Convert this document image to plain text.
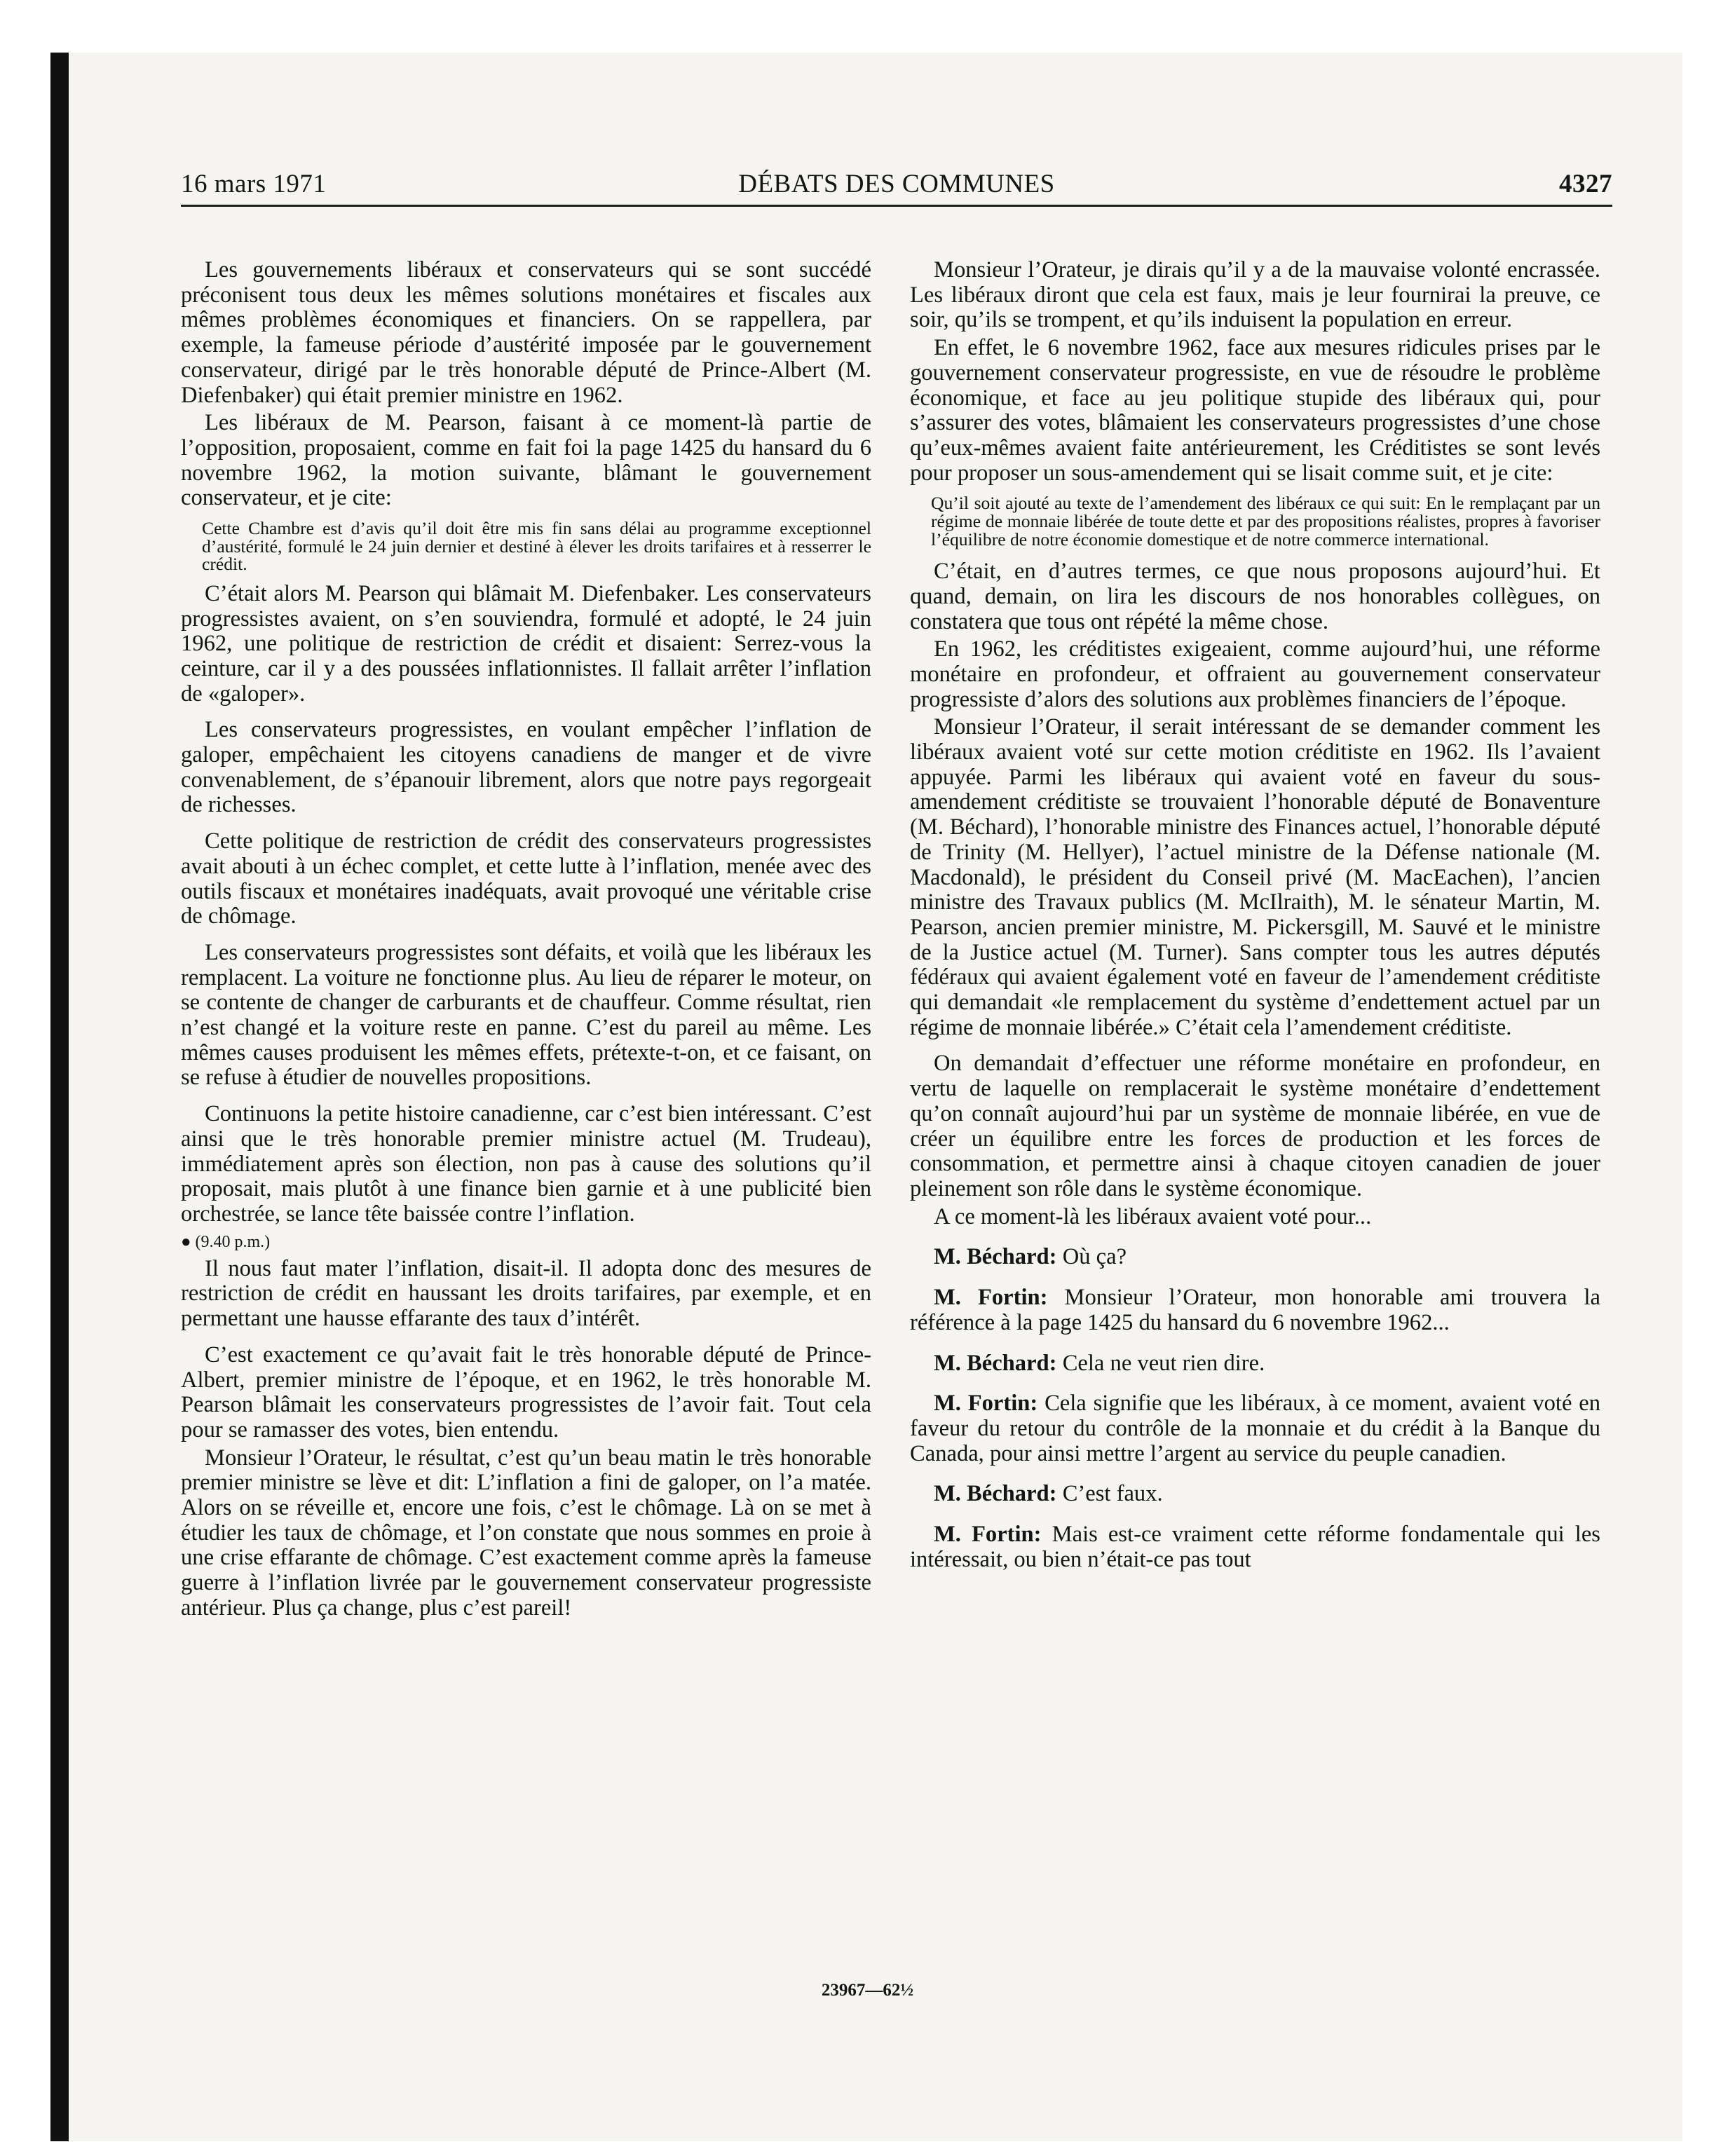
16 mars 1971	DÉBATS DES COMMUNES	4327

Les gouvernements libéraux et conservateurs qui se sont succédé préconisent tous deux les mêmes solutions monétaires et fiscales aux mêmes problèmes économiques et financiers. On se rappellera, par exemple, la fameuse période d’austérité imposée par le gouvernement conservateur, dirigé par le très honorable député de Prince-Albert (M. Diefenbaker) qui était premier ministre en 1962.

Les libéraux de M. Pearson, faisant à ce moment-là partie de l’opposition, proposaient, comme en fait foi la page 1425 du hansard du 6 novembre 1962, la motion suivante, blâmant le gouvernement conservateur, et je cite:

Cette Chambre est d’avis qu’il doit être mis fin sans délai au programme exceptionnel d’austérité, formulé le 24 juin dernier et destiné à élever les droits tarifaires et à resserrer le crédit.

C’était alors M. Pearson qui blâmait M. Diefenbaker. Les conservateurs progressistes avaient, on s’en souviendra, formulé et adopté, le 24 juin 1962, une politique de restriction de crédit et disaient: Serrez-vous la ceinture, car il y a des poussées inflationnistes. Il fallait arrêter l’inflation de «galoper».

Les conservateurs progressistes, en voulant empêcher l’inflation de galoper, empêchaient les citoyens canadiens de manger et de vivre convenablement, de s’épanouir librement, alors que notre pays regorgeait de richesses.

Cette politique de restriction de crédit des conservateurs progressistes avait abouti à un échec complet, et cette lutte à l’inflation, menée avec des outils fiscaux et monétaires inadéquats, avait provoqué une véritable crise de chômage.

Les conservateurs progressistes sont défaits, et voilà que les libéraux les remplacent. La voiture ne fonctionne plus. Au lieu de réparer le moteur, on se contente de changer de carburants et de chauffeur. Comme résultat, rien n’est changé et la voiture reste en panne. C’est du pareil au même. Les mêmes causes produisent les mêmes effets, prétexte-t-on, et ce faisant, on se refuse à étudier de nouvelles propositions.

Continuons la petite histoire canadienne, car c’est bien intéressant. C’est ainsi que le très honorable premier ministre actuel (M. Trudeau), immédiatement après son élection, non pas à cause des solutions qu’il proposait, mais plutôt à une finance bien garnie et à une publicité bien orchestrée, se lance tête baissée contre l’inflation.

● (9.40 p.m.)

Il nous faut mater l’inflation, disait-il. Il adopta donc des mesures de restriction de crédit en haussant les droits tarifaires, par exemple, et en permettant une hausse effarante des taux d’intérêt.

C’est exactement ce qu’avait fait le très honorable député de Prince-Albert, premier ministre de l’époque, et en 1962, le très honorable M. Pearson blâmait les conservateurs progressistes de l’avoir fait. Tout cela pour se ramasser des votes, bien entendu.

Monsieur l’Orateur, le résultat, c’est qu’un beau matin le très honorable premier ministre se lève et dit: L’inflation a fini de galoper, on l’a matée. Alors on se réveille et, encore une fois, c’est le chômage. Là on se met à étudier les taux de chômage, et l’on constate que nous sommes en proie à une crise effarante de chômage. C’est exactement comme après la fameuse guerre à l’inflation livrée par le gouvernement conservateur progressiste antérieur. Plus ça change, plus c’est pareil!

Monsieur l’Orateur, je dirais qu’il y a de la mauvaise volonté encrassée. Les libéraux diront que cela est faux, mais je leur fournirai la preuve, ce soir, qu’ils se trompent, et qu’ils induisent la population en erreur.

En effet, le 6 novembre 1962, face aux mesures ridicules prises par le gouvernement conservateur progressiste, en vue de résoudre le problème économique, et face au jeu politique stupide des libéraux qui, pour s’assurer des votes, blâmaient les conservateurs progressistes d’une chose qu’eux-mêmes avaient faite antérieurement, les Créditistes se sont levés pour proposer un sous-amendement qui se lisait comme suit, et je cite:

Qu’il soit ajouté au texte de l’amendement des libéraux ce qui suit: En le remplaçant par un régime de monnaie libérée de toute dette et par des propositions réalistes, propres à favoriser l’équilibre de notre économie domestique et de notre commerce international.

C’était, en d’autres termes, ce que nous proposons aujourd’hui. Et quand, demain, on lira les discours de nos honorables collègues, on constatera que tous ont répété la même chose.

En 1962, les créditistes exigeaient, comme aujourd’hui, une réforme monétaire en profondeur, et offraient au gouvernement conservateur progressiste d’alors des solutions aux problèmes financiers de l’époque.

Monsieur l’Orateur, il serait intéressant de se demander comment les libéraux avaient voté sur cette motion créditiste en 1962. Ils l’avaient appuyée. Parmi les libéraux qui avaient voté en faveur du sous-amendement créditiste se trouvaient l’honorable député de Bonaventure (M. Béchard), l’honorable ministre des Finances actuel, l’honorable député de Trinity (M. Hellyer), l’actuel ministre de la Défense nationale (M. Macdonald), le président du Conseil privé (M. MacEachen), l’ancien ministre des Travaux publics (M. McIlraith), M. le sénateur Martin, M. Pearson, ancien premier ministre, M. Pickersgill, M. Sauvé et le ministre de la Justice actuel (M. Turner). Sans compter tous les autres députés fédéraux qui avaient également voté en faveur de l’amendement créditiste qui demandait «le remplacement du système d’endettement actuel par un régime de monnaie libérée.» C’était cela l’amendement créditiste.

On demandait d’effectuer une réforme monétaire en profondeur, en vertu de laquelle on remplacerait le système monétaire d’endettement qu’on connaît aujourd’hui par un système de monnaie libérée, en vue de créer un équilibre entre les forces de production et les forces de consommation, et permettre ainsi à chaque citoyen canadien de jouer pleinement son rôle dans le système économique.

A ce moment-là les libéraux avaient voté pour...

M. Béchard: Où ça?

M. Fortin: Monsieur l’Orateur, mon honorable ami trouvera la référence à la page 1425 du hansard du 6 novembre 1962...

M. Béchard: Cela ne veut rien dire.

M. Fortin: Cela signifie que les libéraux, à ce moment, avaient voté en faveur du retour du contrôle de la monnaie et du crédit à la Banque du Canada, pour ainsi mettre l’argent au service du peuple canadien.

M. Béchard: C’est faux.

M. Fortin: Mais est-ce vraiment cette réforme fondamentale qui les intéressait, ou bien n’était-ce pas tout

23967—62½
